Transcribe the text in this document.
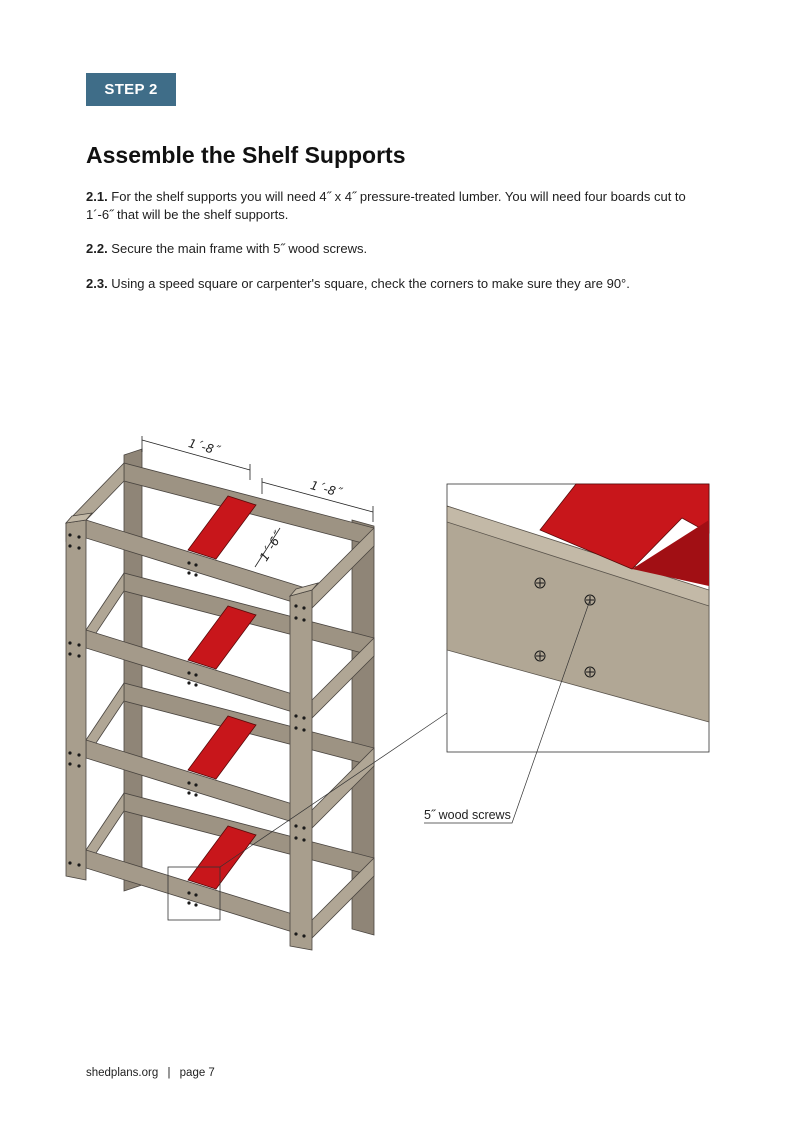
STEP 2
Assemble the Shelf Supports

2.1. For the shelf supports you will need 4˝ x 4˝ pressure-treated lumber. You will need four boards cut to 1´-6˝ that will be the shelf supports.

2.2. Secure the main frame with 5˝ wood screws.

2.3. Using a speed square or carpenter's square, check the corners to make sure they are 90°.

1´-8˝
1´-8˝
1´-6˝
5˝ wood screws
shedplans.org | page 7
